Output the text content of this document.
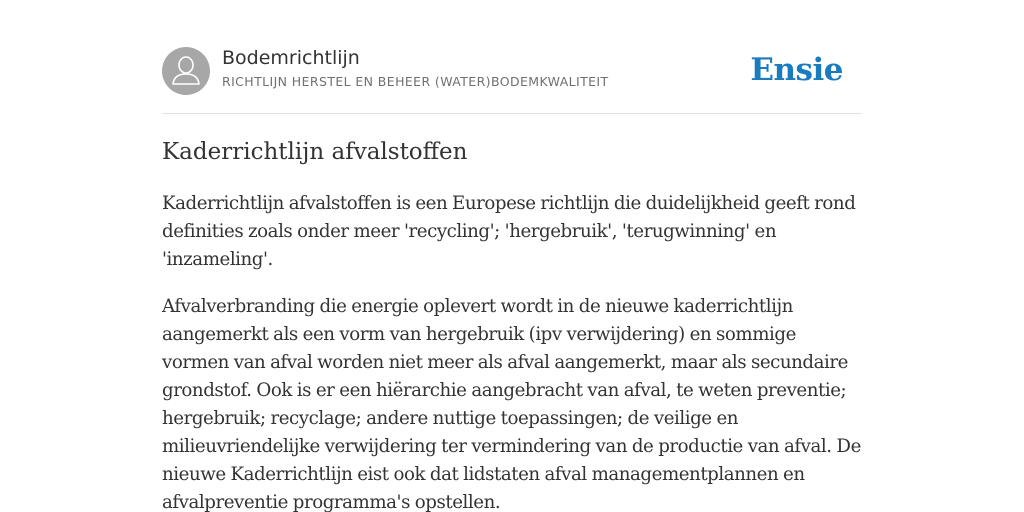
Bodemrichtlijn
RICHTLIJN HERSTEL EN BEHEER (WATER)BODEMKWALITEIT	Ensie
Kaderrichtlijn afvalstoffen

Kaderrichtlijn afvalstoffen is een Europese richtlijn die duidelijkheid geeft rond definities zoals onder meer 'recycling'; 'hergebruik', 'terugwinning' en 'inzameling'.

Afvalverbranding die energie oplevert wordt in de nieuwe kaderrichtlijn aangemerkt als een vorm van hergebruik (ipv verwijdering) en sommige vormen van afval worden niet meer als afval aangemerkt, maar als secundaire grondstof. Ook is er een hiërarchie aangebracht van afval, te weten preventie; hergebruik; recyclage; andere nuttige toepassingen; de veilige en milieuvriendelijke verwijdering ter vermindering van de productie van afval. De nieuwe Kaderrichtlijn eist ook dat lidstaten afval managementplannen en afvalpreventie programma's opstellen.
